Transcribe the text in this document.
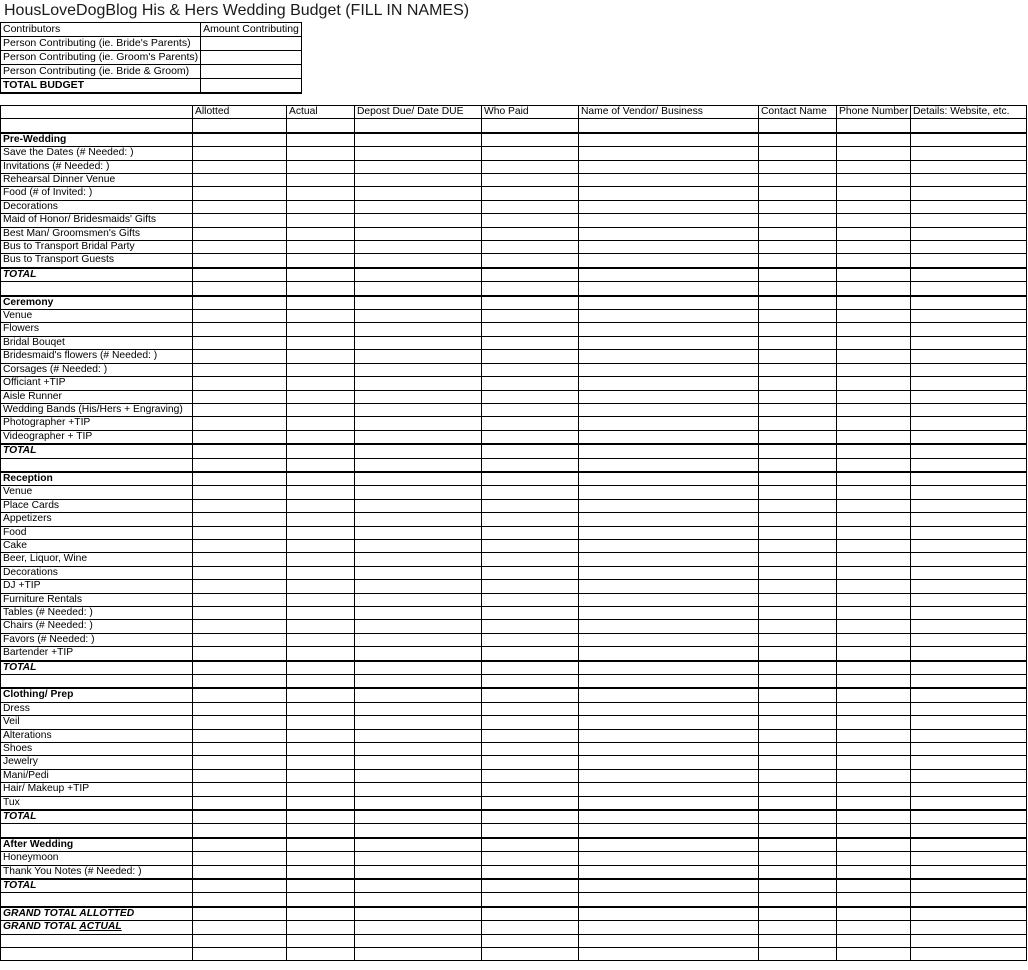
HousLoveDogBlog His & Hers Wedding Budget (FILL IN NAMES)
Contributors	Amount Contributing
Person Contributing (ie. Bride's Parents)	
Person Contributing (ie. Groom's Parents)	
Person Contributing (ie. Bride & Groom)	
TOTAL BUDGET	
	Allotted	Actual	Depost Due/ Date DUE	Who Paid	Name of Vendor/ Business	Contact Name	Phone Number	Details: Website, etc.

Pre-Wedding								
Save the Dates (# Needed: )								
Invitations (# Needed: )								
Rehearsal Dinner Venue								
Food (# of Invited: )								
Decorations								
Maid of Honor/ Bridesmaids' Gifts								
Best Man/ Groomsmen's Gifts								
Bus to Transport Bridal Party								
Bus to Transport Guests								
TOTAL								

Ceremony								
Venue								
Flowers								
Bridal Bouqet								
Bridesmaid's flowers (# Needed: )								
Corsages (# Needed: )								
Officiant +TIP								
Aisle Runner								
Wedding Bands (His/Hers + Engraving)								
Photographer +TIP								
Videographer + TIP								
TOTAL								

Reception								
Venue								
Place Cards								
Appetizers								
Food								
Cake								
Beer, Liquor, Wine								
Decorations								
DJ +TIP								
Furniture Rentals								
Tables (# Needed: )								
Chairs (# Needed: )								
Favors (# Needed: )								
Bartender +TIP								
TOTAL								

Clothing/ Prep								
Dress								
Veil								
Alterations								
Shoes								
Jewelry								
Mani/Pedi								
Hair/ Makeup +TIP								
Tux								
TOTAL								

After Wedding								
Honeymoon								
Thank You Notes (# Needed: )								
TOTAL								

GRAND TOTAL ALLOTTED								
GRAND TOTAL ACTUAL								
